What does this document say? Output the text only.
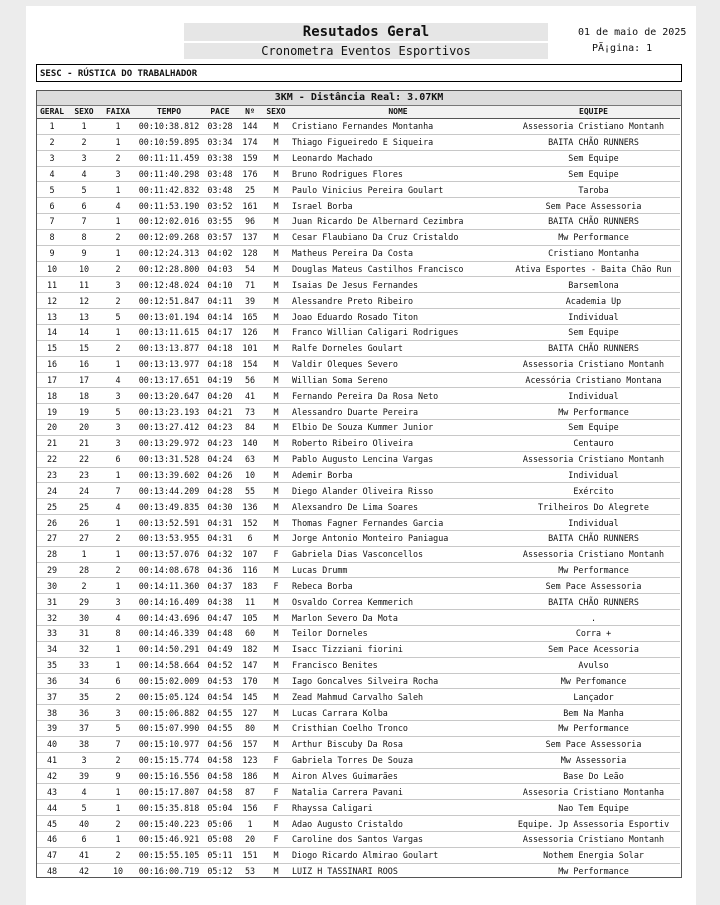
Resutados Geral
Cronometra Eventos Esportivos
01 de maio de 2025
PÃ¡gina: 1
SESC - RÚSTICA DO TRABALHADOR
3KM - Distância Real: 3.07KM
GERAL	SEXO	FAIXA	TEMPO	PACE	Nº	SEXO	NOME	EQUIPE
1	1	1	00:10:38.812	03:28	144	M	Cristiano Fernandes Montanha	Assessoria Cristiano Montanh
2	2	1	00:10:59.895	03:34	174	M	Thiago Figueiredo E Siqueira	BAITA CHÃO RUNNERS
3	3	2	00:11:11.459	03:38	159	M	Leonardo Machado	Sem Equipe
4	4	3	00:11:40.298	03:48	176	M	Bruno Rodrigues Flores	Sem Equipe
5	5	1	00:11:42.832	03:48	25	M	Paulo Vinicius Pereira Goulart	Taroba
6	6	4	00:11:53.190	03:52	161	M	Israel Borba	Sem Pace Assessoria
7	7	1	00:12:02.016	03:55	96	M	Juan Ricardo De Albernard Cezimbra	BAITA CHÃO RUNNERS
8	8	2	00:12:09.268	03:57	137	M	Cesar Flaubiano Da Cruz Cristaldo	Mw Performance
9	9	1	00:12:24.313	04:02	128	M	Matheus Pereira Da Costa	Cristiano Montanha
10	10	2	00:12:28.800	04:03	54	M	Douglas Mateus Castilhos Francisco	Ativa Esportes - Baita Chão Run
11	11	3	00:12:48.024	04:10	71	M	Isaias De Jesus Fernandes	Barsemlona
12	12	2	00:12:51.847	04:11	39	M	Alessandre Preto Ribeiro	Academia Up
13	13	5	00:13:01.194	04:14	165	M	Joao Eduardo Rosado Titon	Individual
14	14	1	00:13:11.615	04:17	126	M	Franco Willian Caligari Rodrigues	Sem Equipe
15	15	2	00:13:13.877	04:18	101	M	Ralfe Dorneles Goulart	BAITA CHÃO RUNNERS
16	16	1	00:13:13.977	04:18	154	M	Valdir Oleques Severo	Assessoria Cristiano Montanh
17	17	4	00:13:17.651	04:19	56	M	Willian Soma Sereno	Acessória Cristiano Montana
18	18	3	00:13:20.647	04:20	41	M	Fernando Pereira Da Rosa Neto	Individual
19	19	5	00:13:23.193	04:21	73	M	Alessandro Duarte Pereira	Mw Performance
20	20	3	00:13:27.412	04:23	84	M	Elbio De Souza Kummer Junior	Sem Equipe
21	21	3	00:13:29.972	04:23	140	M	Roberto Ribeiro Oliveira	Centauro
22	22	6	00:13:31.528	04:24	63	M	Pablo Augusto Lencina Vargas	Assessoria Cristiano Montanh
23	23	1	00:13:39.602	04:26	10	M	Ademir Borba	Individual
24	24	7	00:13:44.209	04:28	55	M	Diego Alander Oliveira Risso	Exército
25	25	4	00:13:49.835	04:30	136	M	Alexsandro De Lima Soares	Trilheiros Do Alegrete
26	26	1	00:13:52.591	04:31	152	M	Thomas Fagner Fernandes Garcia	Individual
27	27	2	00:13:53.955	04:31	6	M	Jorge Antonio Monteiro Paniagua	BAITA CHÃO RUNNERS
28	1	1	00:13:57.076	04:32	107	F	Gabriela Dias Vasconcellos	Assessoria Cristiano Montanh
29	28	2	00:14:08.678	04:36	116	M	Lucas Drumm	Mw Performance
30	2	1	00:14:11.360	04:37	183	F	Rebeca Borba	Sem Pace Assessoria
31	29	3	00:14:16.409	04:38	11	M	Osvaldo Correa Kemmerich	BAITA CHÃO RUNNERS
32	30	4	00:14:43.696	04:47	105	M	Marlon Severo Da Mota	.
33	31	8	00:14:46.339	04:48	60	M	Teilor Dorneles	Corra +
34	32	1	00:14:50.291	04:49	182	M	Isacc Tizziani fiorini	Sem Pace Acessoria
35	33	1	00:14:58.664	04:52	147	M	Francisco Benites	Avulso
36	34	6	00:15:02.009	04:53	170	M	Iago Goncalves Silveira Rocha	Mw Perfomance
37	35	2	00:15:05.124	04:54	145	M	Zead Mahmud Carvalho Saleh	Lançador
38	36	3	00:15:06.882	04:55	127	M	Lucas Carrara Kolba	Bem Na Manha
39	37	5	00:15:07.990	04:55	80	M	Cristhian Coelho Tronco	Mw Performance
40	38	7	00:15:10.977	04:56	157	M	Arthur Biscuby Da Rosa	Sem Pace Assessoria
41	3	2	00:15:15.774	04:58	123	F	Gabriela Torres De Souza	Mw Assessoria
42	39	9	00:15:16.556	04:58	186	M	Airon Alves Guimarães	Base Do Leão
43	4	1	00:15:17.807	04:58	87	F	Natalia Carrera Pavani	Assesoria Cristiano Montanha
44	5	1	00:15:35.818	05:04	156	F	Rhayssa Caligari	Nao Tem Equipe
45	40	2	00:15:40.223	05:06	1	M	Adao Augusto Cristaldo	Equipe. Jp Assessoria Esportiv
46	6	1	00:15:46.921	05:08	20	F	Caroline dos Santos Vargas	Assessoria Cristiano Montanh
47	41	2	00:15:55.105	05:11	151	M	Diogo Ricardo Almirao Goulart	Nothem Energia Solar
48	42	10	00:16:00.719	05:12	53	M	LUIZ H TASSINARI ROOS	Mw Performance
